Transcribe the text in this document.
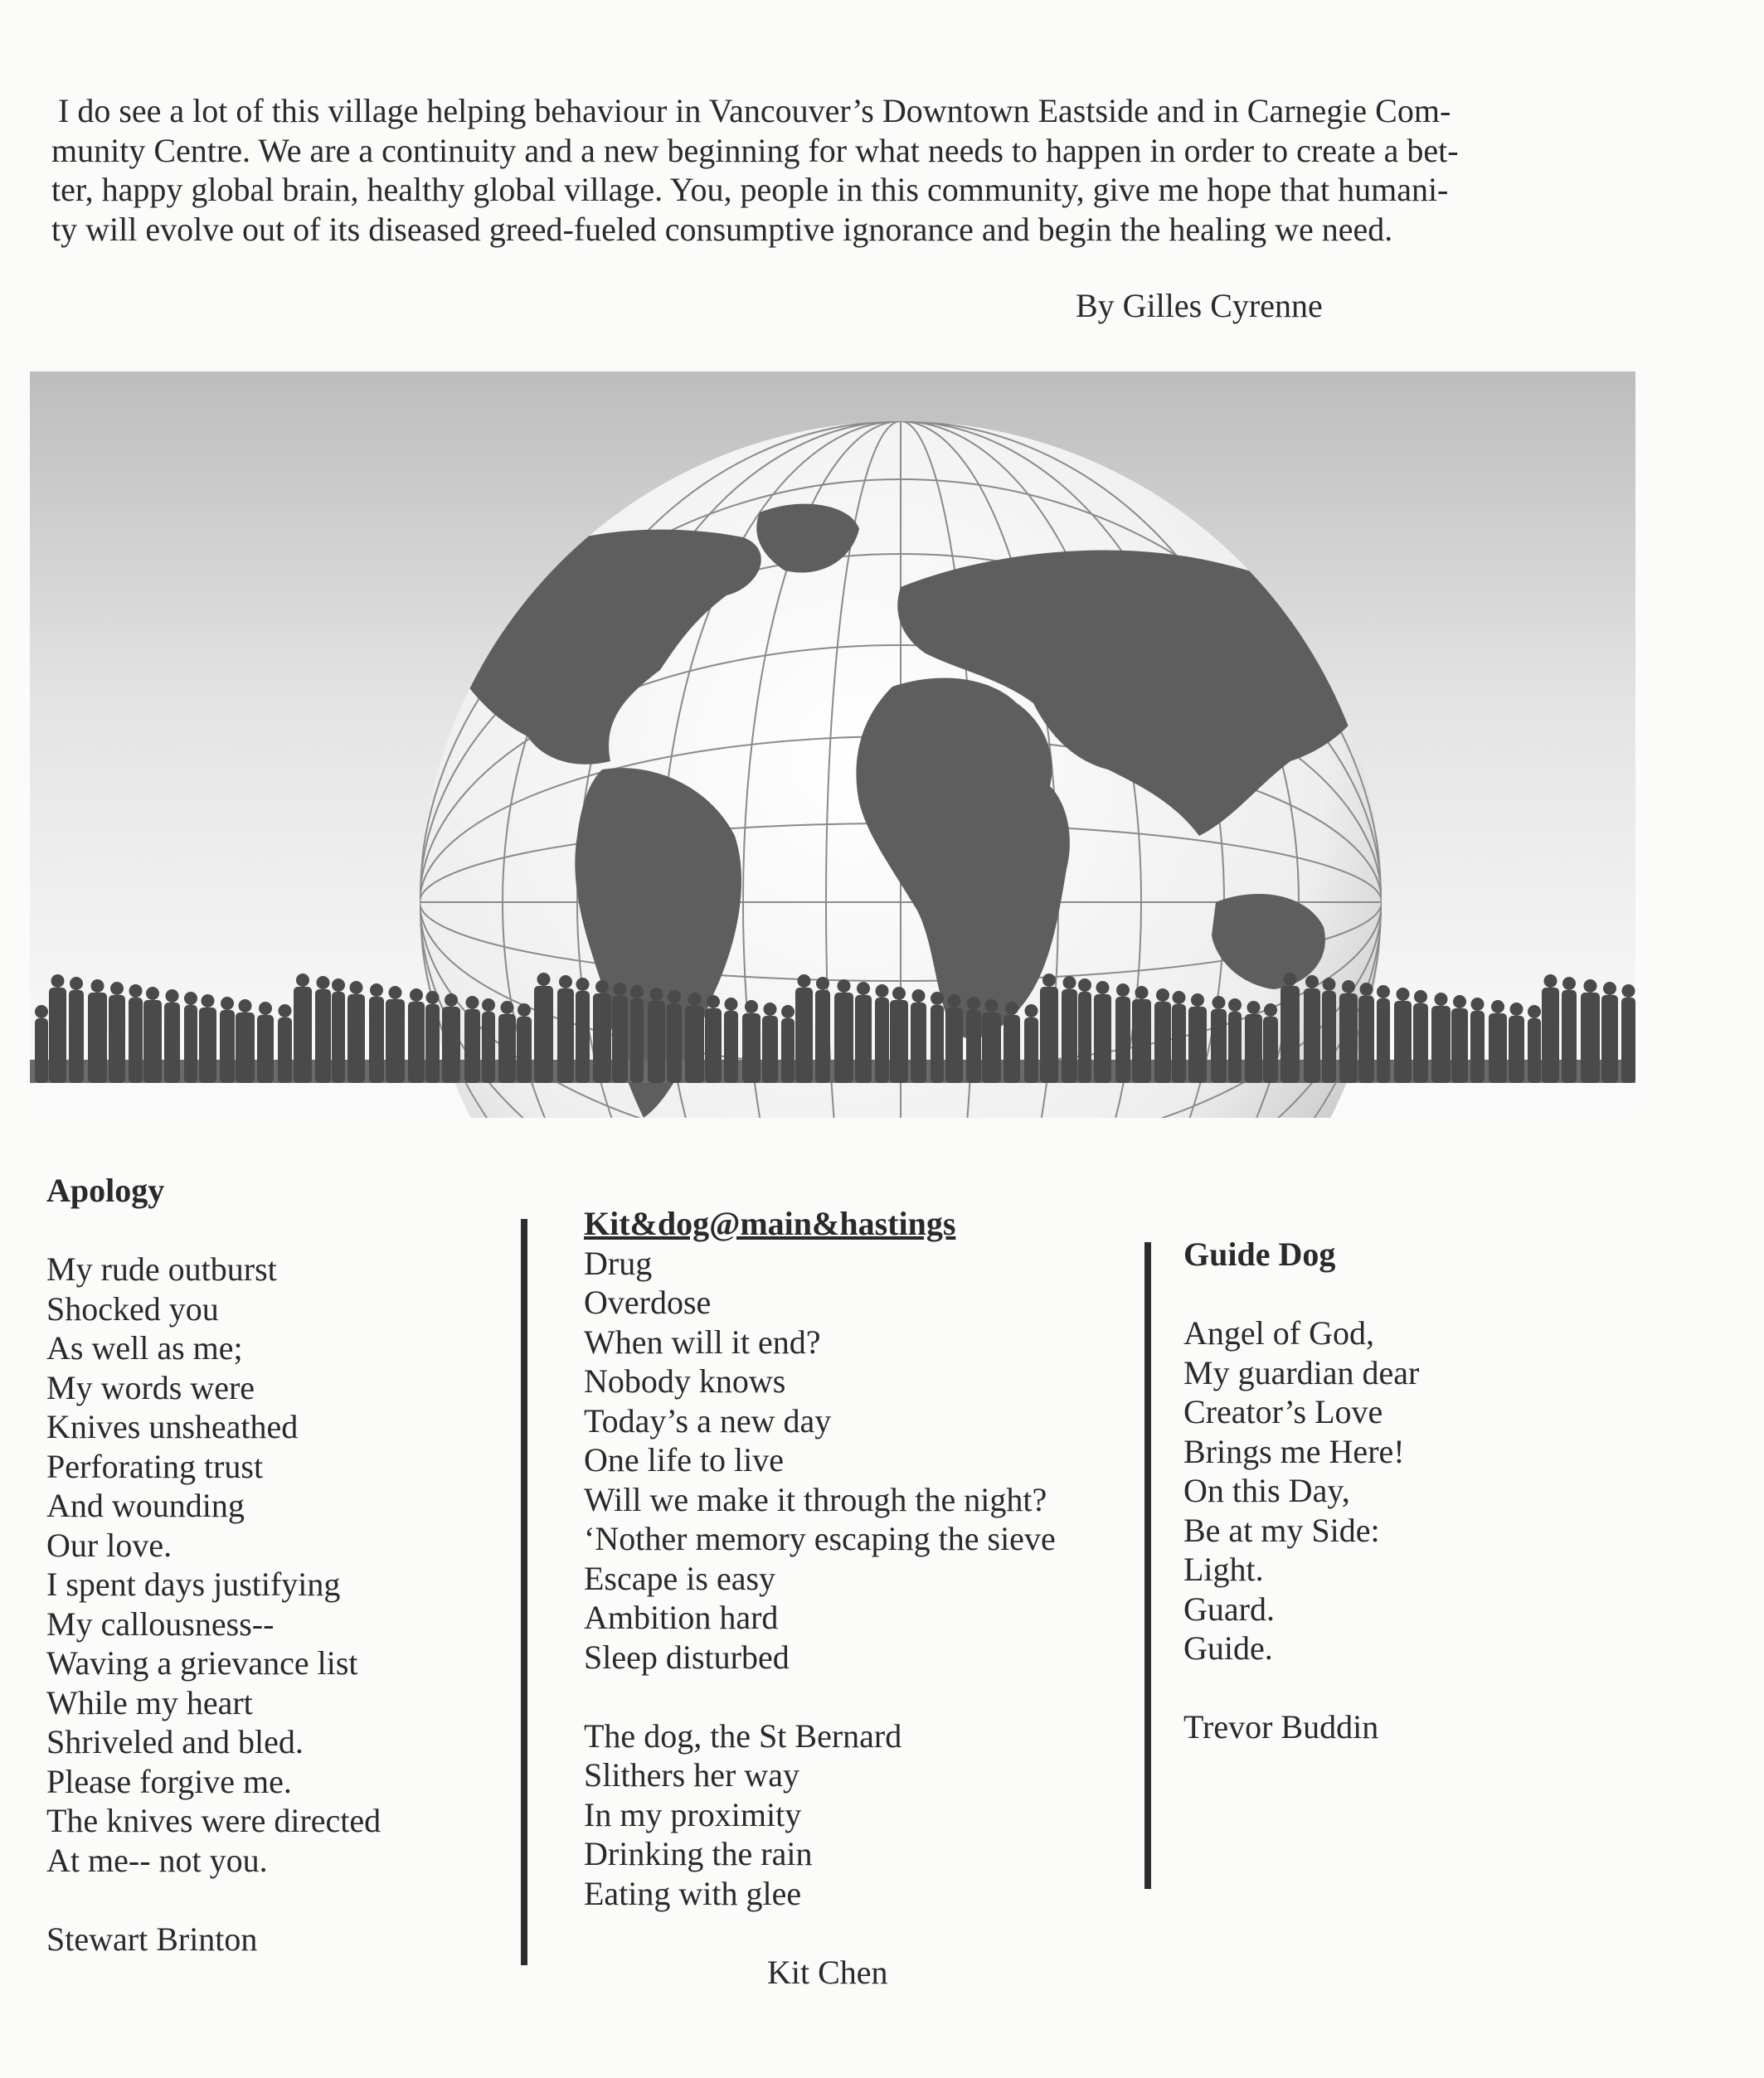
I do see a lot of this village helping behaviour in Vancouver’s Downtown Eastside and in Carnegie Com-
munity Centre. We are a continuity and a new beginning for what needs to happen in order to create a bet-
ter, happy global brain, healthy global village. You, people in this community, give me hope that humani-
ty will evolve out of its diseased greed-fueled consumptive ignorance and begin the healing we need.
By Gilles Cyrenne
Apology
My rude outburst
Shocked you
As well as me;
My words were
Knives unsheathed
Perforating trust
And wounding
Our love.
I spent days justifying
My callousness--
Waving a grievance list
While my heart
Shriveled and bled.
Please forgive me.
The knives were directed
At me-- not you.
Stewart Brinton
Kit&dog@main&hastings
Drug
Overdose
When will it end?
Nobody knows
Today’s a new day
One life to live
Will we make it through the night?
‘Nother memory escaping the sieve
Escape is easy
Ambition hard
Sleep disturbed
The dog, the St Bernard
Slithers her way
In my proximity
Drinking the rain
Eating with glee
Kit Chen
Guide Dog
Angel of God,
My guardian dear
Creator’s Love
Brings me Here!
On this Day,
Be at my Side:
Light.
Guard.
Guide.
Trevor Buddin
